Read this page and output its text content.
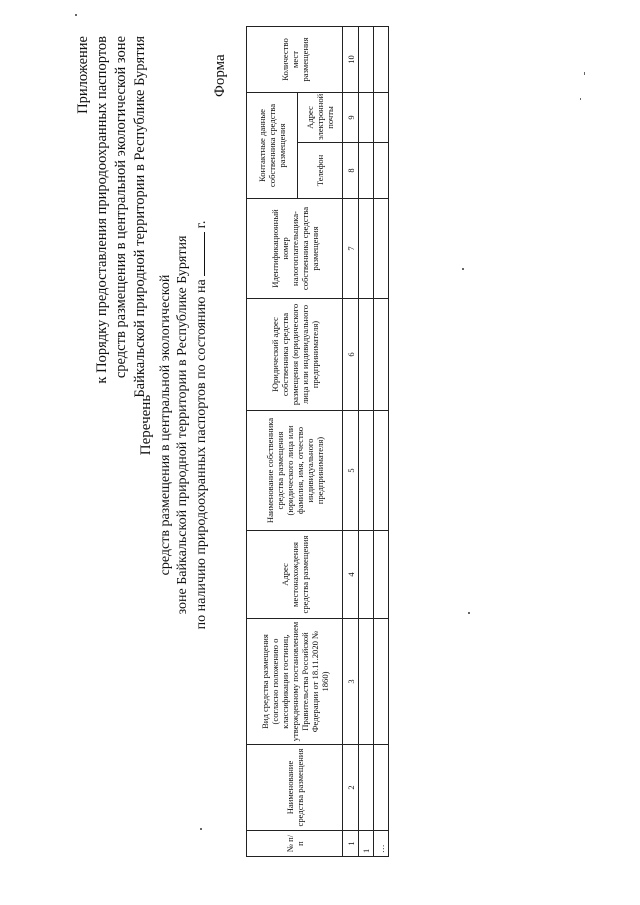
Приложение к Порядку предоставления природоохранных паспортов средств размещения в центральной экологической зоне Байкальской природной территории в Республике Бурятия	Форма
Перечень средств размещения в центральной экологической зоне Байкальской природной территории в Республике Бурятия по наличию природоохранных паспортов по состоянию на  г.
№ п/п	Наименование средства размещения	Вид средства размещения (согласно положению о классификации гостиниц, утвержденному постановлением Правительства Российской Федерации от 18.11.2020 № 1860)	Адрес местонахождения средства размещения	Наименование собственника средства размещения (юридического лица или фамилия, имя, отчество индивидуального предпринимателя)	Юридический адрес собственника средства размещения (юридического лица или индивидуального предпринимателя)	Идентификационный номер налогоплательщика-собственника средства размещения	Контактные данные собственника средства размещения		Количество мест размещения
							Телефон	Адрес электронной почты	
1	2	3	4	5	6	7	8	9	10
1									
…									
